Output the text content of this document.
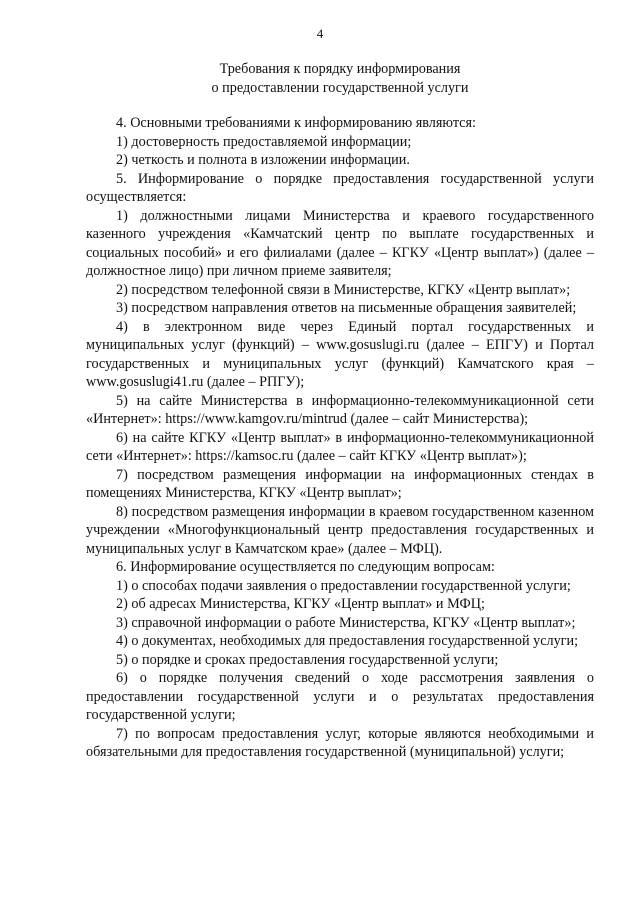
4
Требования к порядку информирования
о предоставлении государственной услуги

4. Основными требованиями к информированию являются:

1) достоверность предоставляемой информации;

2) четкость и полнота в изложении информации.

5. Информирование о порядке предоставления государственной услуги осуществляется:

1) должностными лицами Министерства и краевого государственного казенного учреждения «Камчатский центр по выплате государственных и социальных пособий» и его филиалами (далее – КГКУ «Центр выплат») (далее – должностное лицо) при личном приеме заявителя;

2) посредством телефонной связи в Министерстве, КГКУ «Центр выплат»;

3) посредством направления ответов на письменные обращения заявителей;

4) в электронном виде через Единый портал государственных и муниципальных услуг (функций) – www.gosuslugi.ru (далее – ЕПГУ) и Портал государственных и муниципальных услуг (функций) Камчатского края – www.gosuslugi41.ru (далее – РПГУ);

5) на сайте Министерства в информационно-телекоммуникационной сети «Интернет»: https://www.kamgov.ru/mintrud (далее – сайт Министерства);

6) на сайте КГКУ «Центр выплат» в информационно-телекоммуникационной сети «Интернет»: https://kamsoc.ru (далее – сайт КГКУ «Центр выплат»);

7) посредством размещения информации на информационных стендах в помещениях Министерства, КГКУ «Центр выплат»;

8) посредством размещения информации в краевом государственном казенном учреждении «Многофункциональный центр предоставления государственных и муниципальных услуг в Камчатском крае» (далее – МФЦ).

6. Информирование осуществляется по следующим вопросам:

1) о способах подачи заявления о предоставлении государственной услуги;

2) об адресах Министерства, КГКУ «Центр выплат» и МФЦ;

3) справочной информации о работе Министерства, КГКУ «Центр выплат»;

4) о документах, необходимых для предоставления государственной услуги;

5) о порядке и сроках предоставления государственной услуги;

6) о порядке получения сведений о ходе рассмотрения заявления о предоставлении государственной услуги и о результатах предоставления государственной услуги;

7) по вопросам предоставления услуг, которые являются необходимыми и обязательными для предоставления государственной (муниципальной) услуги;
